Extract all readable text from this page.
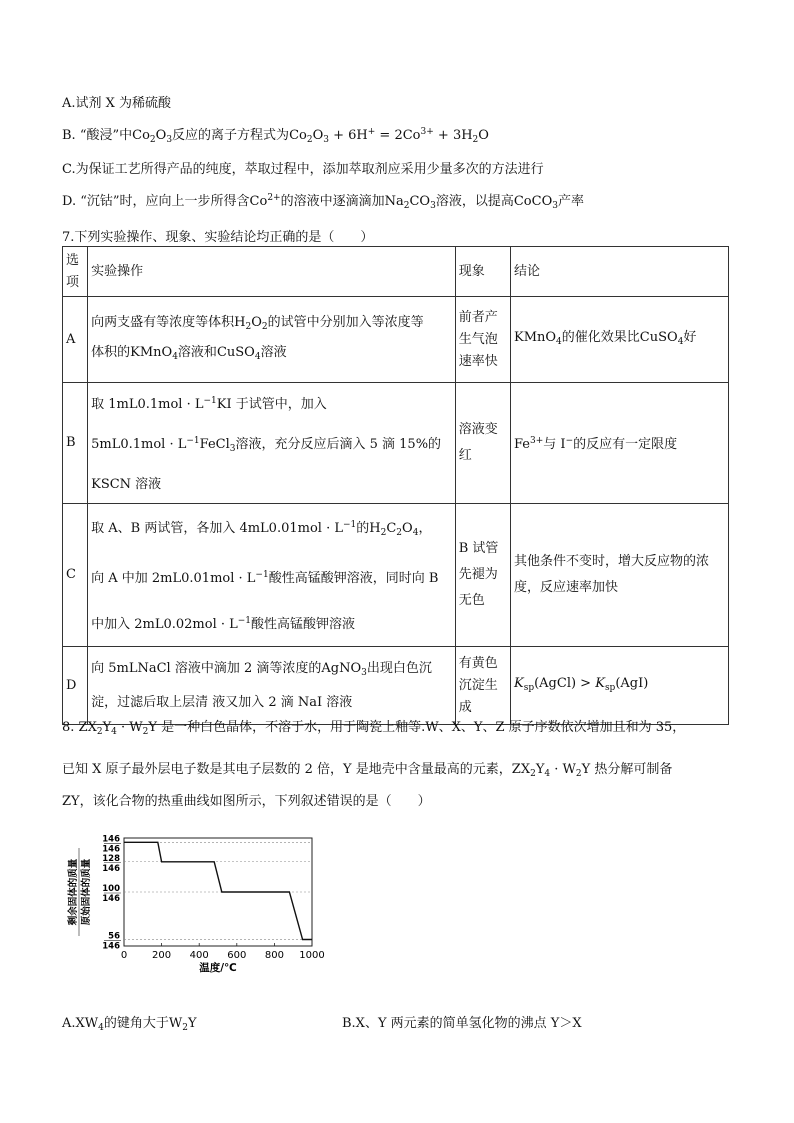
A.试剂 X 为稀硫酸
B. “酸浸”中$Co_2O_3$反应的离子方程式为$Co_2O_3 + 6H^+ = 2Co^{3+} + 3H_2O$
C.为保证工艺所得产品的纯度，萃取过程中，添加萃取剂应采用少量多次的方法进行
D. “沉钴”时，应向上一步所得含$Co^{2+}$的溶液中逐滴滴加$Na_2CO_3$溶液，以提高CoCO$_3$产率
7.下列实验操作、现象、实验结论均正确的是（　　）
选项	实验操作	现象	结论
A	向两支盛有等浓度等体积$H_2O_2$的试管中分别加入等浓度等
体积的KMnO$_4$溶液和CuSO$_4$溶液	前者产生气泡速率快	KMnO$_4$的催化效果比CuSO$_4$好
B	取 $1mL0.1mol \cdot L^{-1}KI$ 于试管中，加入
$5mL0.1mol \cdot L^{-1}FeCl_3$溶液，充分反应后滴入 5 滴 15%的
KSCN 溶液	溶液变红	$Fe^{3+}$与 I−的反应有一定限度
C	取 A、B 两试管，各加入 $4mL0.01mol \cdot L^{-1}$的$H_2C_2O_4$，
向 A 中加 $2mL0.01mol \cdot L^{-1}$酸性高锰酸钾溶液，同时向 B
中加入 $2mL0.02mol \cdot L^{-1}$酸性高锰酸钾溶液	B 试管先褪为无色	其他条件不变时，增大反应物的浓度，反应速率加快
D	向 5mLNaCl 溶液中滴加 2 滴等浓度的AgNO$_3$出现白色沉
淀，过滤后取上层清 液又加入 2 滴 NaI 溶液	有黄色沉淀生成	$K_{sp}(AgCl) > K_{sp}(AgI)$
8. $ZX_2Y_4 \cdot W_2Y$ 是一种白色晶体，不溶于水，用于陶瓷上釉等.W、X、Y、Z 原子序数依次增加且和为 35，
已知 X 原子最外层电子数是其电子层数的 2 倍，Y 是地壳中含量最高的元素，$ZX_2Y_4 \cdot W_2Y$ 热分解可制备
ZY，该化合物的热重曲线如图所示，下列叙述错误的是（　　）
剩余固体的质量 原始固体的质量
146
146
128
146
100
146
56
146
0 200 400 600 800 1000
温度/℃
$A.XW_4$的键角大于$W_2Y$	B.X、Y 两元素的简单氢化物的沸点 Y＞X
